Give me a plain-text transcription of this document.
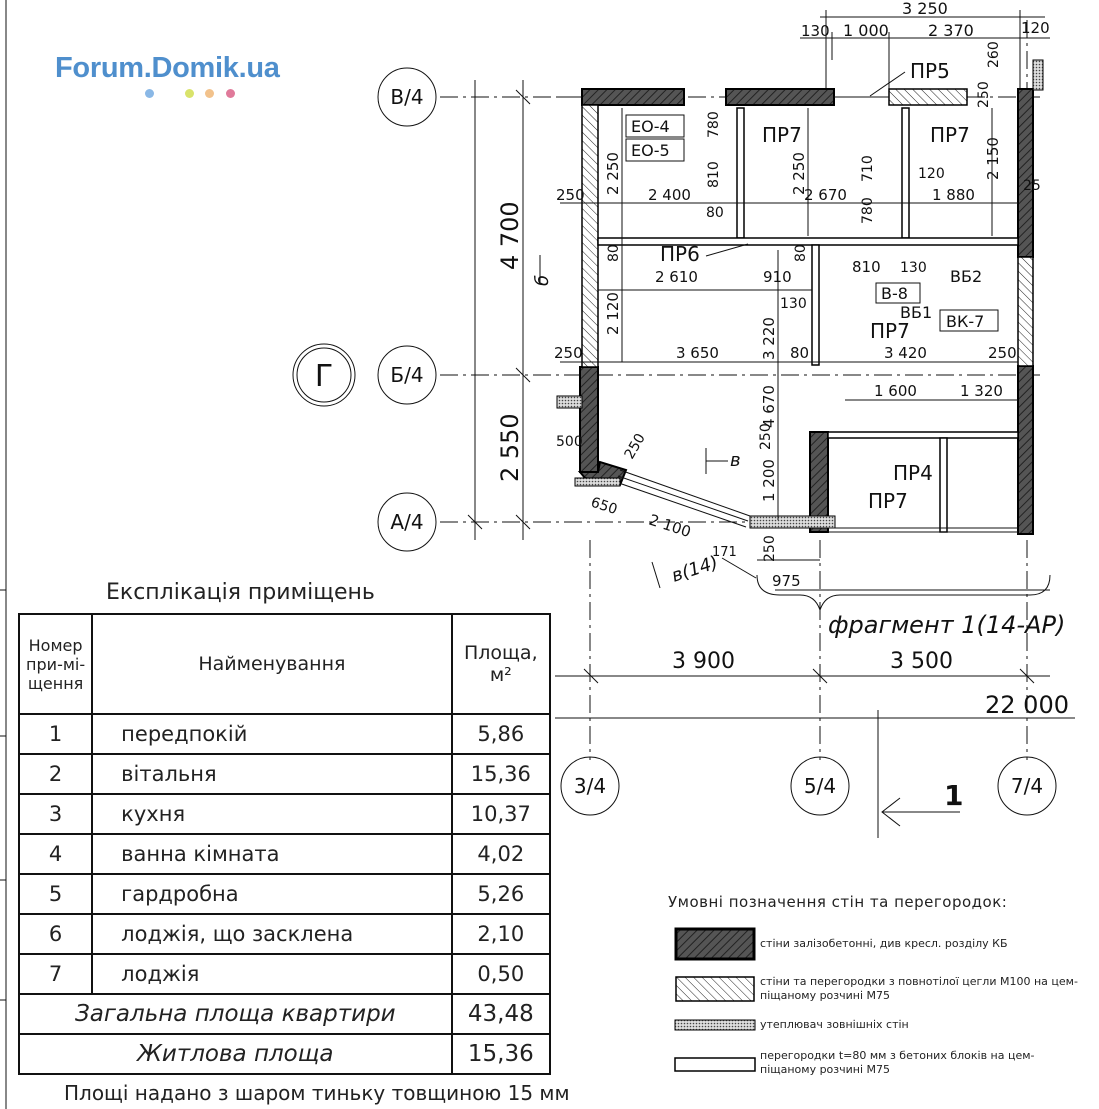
В/4
Б/4
А/4
Г
3/4	5/4	7/4
1
4 700
2 550
3 250
130 1 000 2 370	120
260
250
250 2 250 2 400
780
810
80
2 250
2 670
710	120	2 150
1 880
780
25
80
2 610	910
80
810 130
2 120
3 220
130
250	3 650	80	3 420	250
4 670	1 600	1 320
250
1 200
250
650
2 100
171 250
975
500
ПР5
ПР7	ПР7
ПР6
ПР7
ПР4
ПР7
ЕО-4
ЕО-5
В-8
ВБ1
ВБ2
ВК-7
б
в
в(14)
фрагмент 1(14-АР)
3 900	3 500
22 000
Forum.Domik.ua
Експлікація приміщень
Номер при-мі-щення	Найменування	Площа, м²
1	передпокій	5,86
2	вітальня	15,36
3	кухня	10,37
4	ванна кімната	4,02
5	гардробна	5,26
6	лоджія, що засклена	2,10
7	лоджія	0,50
Загальна площа квартири		43,48
Житлова площа		15,36
Площі надано з шаром тиньку товщиною 15 мм
Умовні позначення стін та перегородок:
стіни залізобетонні, див кресл. розділу КБ
стіни та перегородки з повнотілої цегли М100 на цем-піщаному розчині М75
утеплювач зовнішніх стін
перегородки t=80 мм з бетоних блоків на цем-піщаному розчині М75
